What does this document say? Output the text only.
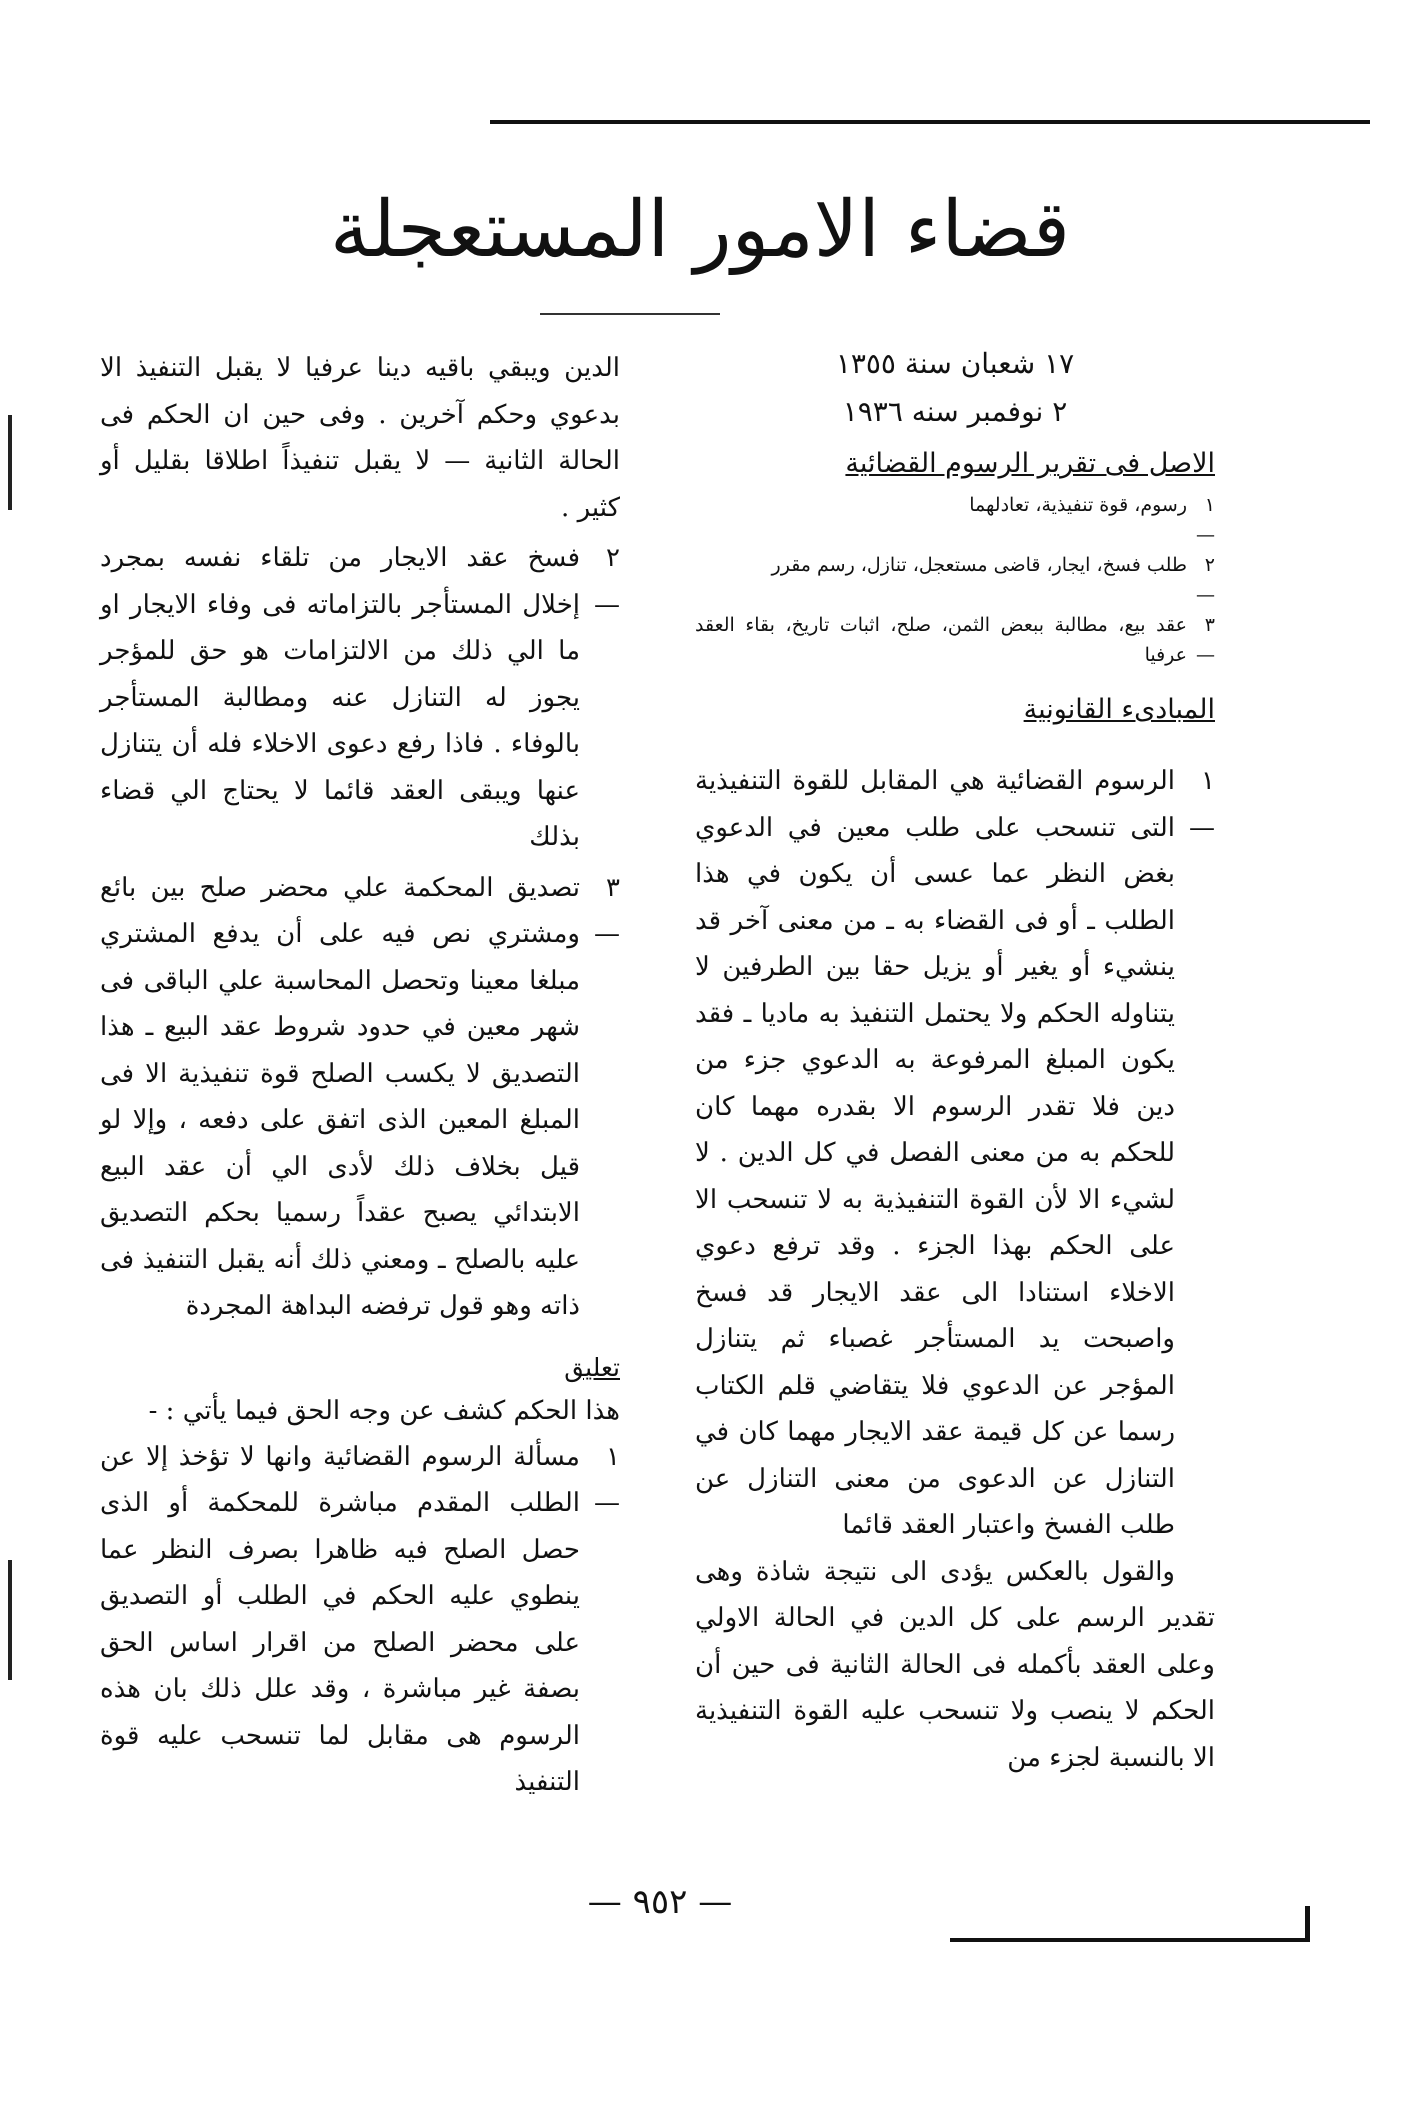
قضاء الامور المستعجلة
١٧ شعبان سنة ١٣٥٥
٢ نوفمبر سنه ١٩٣٦
الاصل فى تقرير الرسوم القضائية
١ —
رسوم، قوة تنفيذية، تعادلهما
٢ —
طلب فسخ، ايجار، قاضى مستعجل، تنازل، رسم مقرر
٣ —
عقد بيع، مطالبة ببعض الثمن، صلح، اثبات تاريخ، بقاء العقد عرفيا
المبادىء القانونية
١ —
الرسوم القضائية هي المقابل للقوة التنفيذية التى تنسحب على طلب معين في الدعوي بغض النظر عما عسى أن يكون في هذا الطلب ـ أو فى القضاء به ـ من معنى آخر قد ينشيء أو يغير أو يزيل حقا بين الطرفين لا يتناوله الحكم ولا يحتمل التنفيذ به ماديا ـ فقد يكون المبلغ المرفوعة به الدعوي جزء من دين فلا تقدر الرسوم الا بقدره مهما كان للحكم به من معنى الفصل في كل الدين . لا لشيء الا لأن القوة التنفيذية به لا تنسحب الا على الحكم بهذا الجزء . وقد ترفع دعوي الاخلاء استنادا الى عقد الايجار قد فسخ واصبحت يد المستأجر غصباء ثم يتنازل المؤجر عن الدعوي فلا يتقاضي قلم الكتاب رسما عن كل قيمة عقد الايجار مهما كان في التنازل عن الدعوى من معنى التنازل عن طلب الفسخ واعتبار العقد قائما

والقول بالعكس يؤدى الى نتيجة شاذة وهى تقدير الرسم على كل الدين في الحالة الاولي وعلى العقد بأكمله فى الحالة الثانية فى حين أن الحكم لا ينصب ولا تنسحب عليه القوة التنفيذية الا بالنسبة لجزء من

الدين ويبقي باقيه دينا عرفيا لا يقبل التنفيذ الا بدعوي وحكم آخرين . وفى حين ان الحكم فى الحالة الثانية — لا يقبل تنفيذاً اطلاقا بقليل أو كثير .

٢ —
فسخ عقد الايجار من تلقاء نفسه بمجرد إخلال المستأجر بالتزاماته فى وفاء الايجار او ما الي ذلك من الالتزامات هو حق للمؤجر يجوز له التنازل عنه ومطالبة المستأجر بالوفاء . فاذا رفع دعوى الاخلاء فله أن يتنازل عنها ويبقى العقد قائما لا يحتاج الي قضاء بذلك
٣ —
تصديق المحكمة علي محضر صلح بين بائع ومشتري نص فيه على أن يدفع المشتري مبلغا معينا وتحصل المحاسبة علي الباقى فى شهر معين في حدود شروط عقد البيع ـ هذا التصديق لا يكسب الصلح قوة تنفيذية الا فى المبلغ المعين الذى اتفق على دفعه ، وإلا لو قيل بخلاف ذلك لأدى الي أن عقد البيع الابتدائي يصبح عقداً رسميا بحكم التصديق عليه بالصلح ـ ومعني ذلك أنه يقبل التنفيذ فى ذاته وهو قول ترفضه البداهة المجردة
تعليق

هذا الحكم كشف عن وجه الحق فيما يأتي : -

١ —
مسألة الرسوم القضائية وانها لا تؤخذ إلا عن الطلب المقدم مباشرة للمحكمة أو الذى حصل الصلح فيه ظاهرا بصرف النظر عما ينطوي عليه الحكم في الطلب أو التصديق على محضر الصلح من اقرار اساس الحق بصفة غير مباشرة ، وقد علل ذلك بان هذه الرسوم هى مقابل لما تنسحب عليه قوة التنفيذ
— ٩٥٢ —
